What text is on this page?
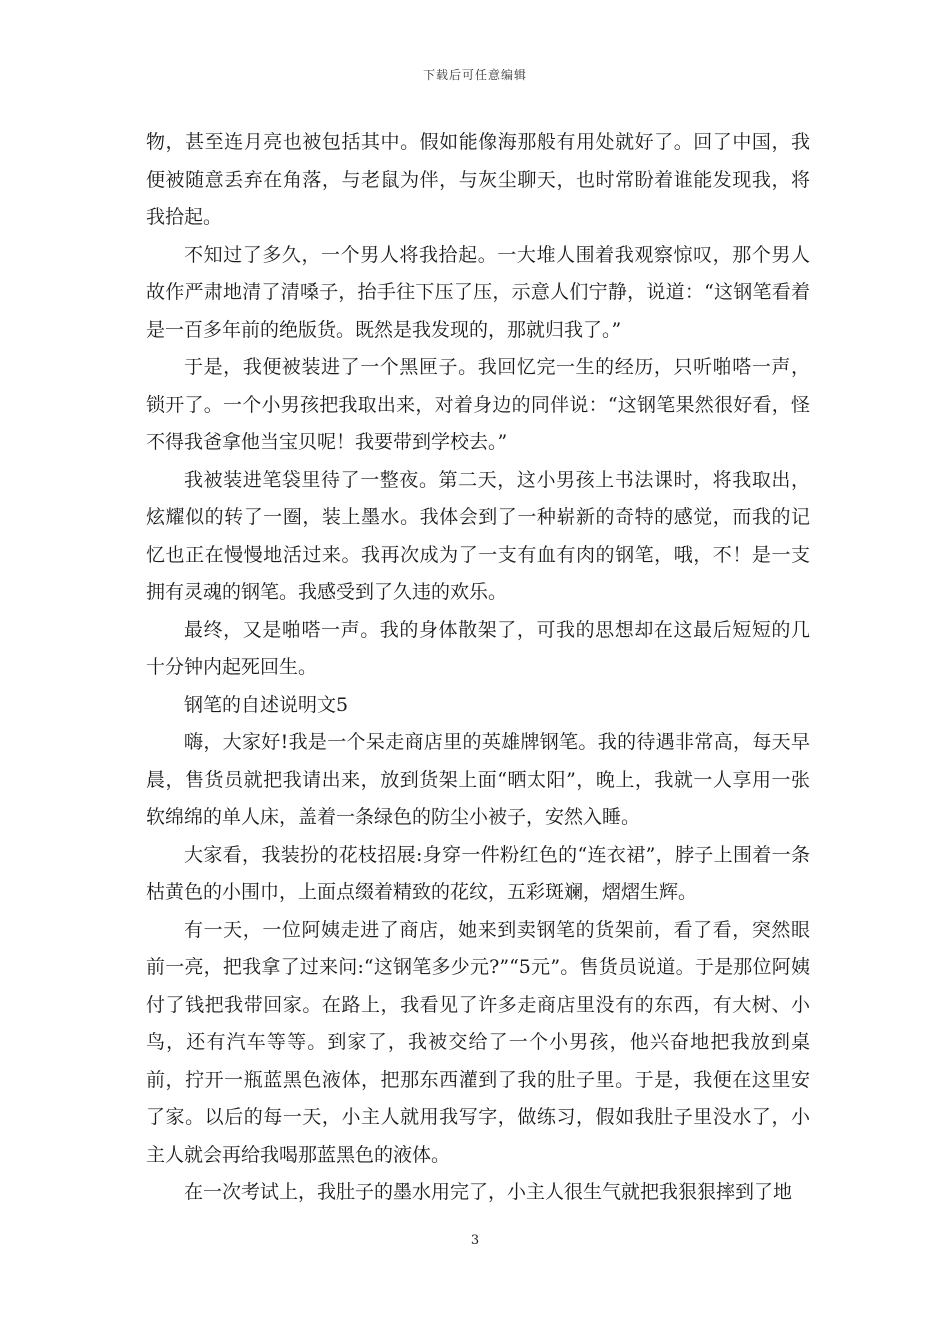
下载后可任意编辑

物，甚至连月亮也被包括其中。假如能像海那般有用处就好了。回了中国，我便被随意丢弃在角落，与老鼠为伴，与灰尘聊天，也时常盼着谁能发现我，将我拾起。

不知过了多久，一个男人将我拾起。一大堆人围着我观察惊叹，那个男人故作严肃地清了清嗓子，抬手往下压了压，示意人们宁静，说道：“这钢笔看着是一百多年前的绝版货。既然是我发现的，那就归我了。”

于是，我便被装进了一个黑匣子。我回忆完一生的经历，只听啪嗒一声，锁开了。一个小男孩把我取出来，对着身边的同伴说：“这钢笔果然很好看，怪不得我爸拿他当宝贝呢！我要带到学校去。”

我被装进笔袋里待了一整夜。第二天，这小男孩上书法课时，将我取出，炫耀似的转了一圈，装上墨水。我体会到了一种崭新的奇特的感觉，而我的记忆也正在慢慢地活过来。我再次成为了一支有血有肉的钢笔，哦，不！是一支拥有灵魂的钢笔。我感受到了久违的欢乐。

最终，又是啪嗒一声。我的身体散架了，可我的思想却在这最后短短的几十分钟内起死回生。

钢笔的自述说明文5

嗨，大家好!我是一个呆走商店里的英雄牌钢笔。我的待遇非常高，每天早晨，售货员就把我请出来，放到货架上面“晒太阳”，晚上，我就一人享用一张软绵绵的单人床，盖着一条绿色的防尘小被子，安然入睡。

大家看，我装扮的花枝招展:身穿一件粉红色的“连衣裙”，脖子上围着一条枯黄色的小围巾，上面点缀着精致的花纹，五彩斑斓，熠熠生辉。

有一天，一位阿姨走进了商店，她来到卖钢笔的货架前，看了看，突然眼前一亮，把我拿了过来问:“这钢笔多少元?”“5元”。售货员说道。于是那位阿姨付了钱把我带回家。在路上，我看见了许多走商店里没有的东西，有大树、小鸟，还有汽车等等。到家了，我被交给了一个小男孩，他兴奋地把我放到桌前，拧开一瓶蓝黑色液体，把那东西灌到了我的肚子里。于是，我便在这里安了家。以后的每一天，小主人就用我写字，做练习，假如我肚子里没水了，小主人就会再给我喝那蓝黑色的液体。

在一次考试上，我肚子的墨水用完了，小主人很生气就把我狠狠摔到了地

3
